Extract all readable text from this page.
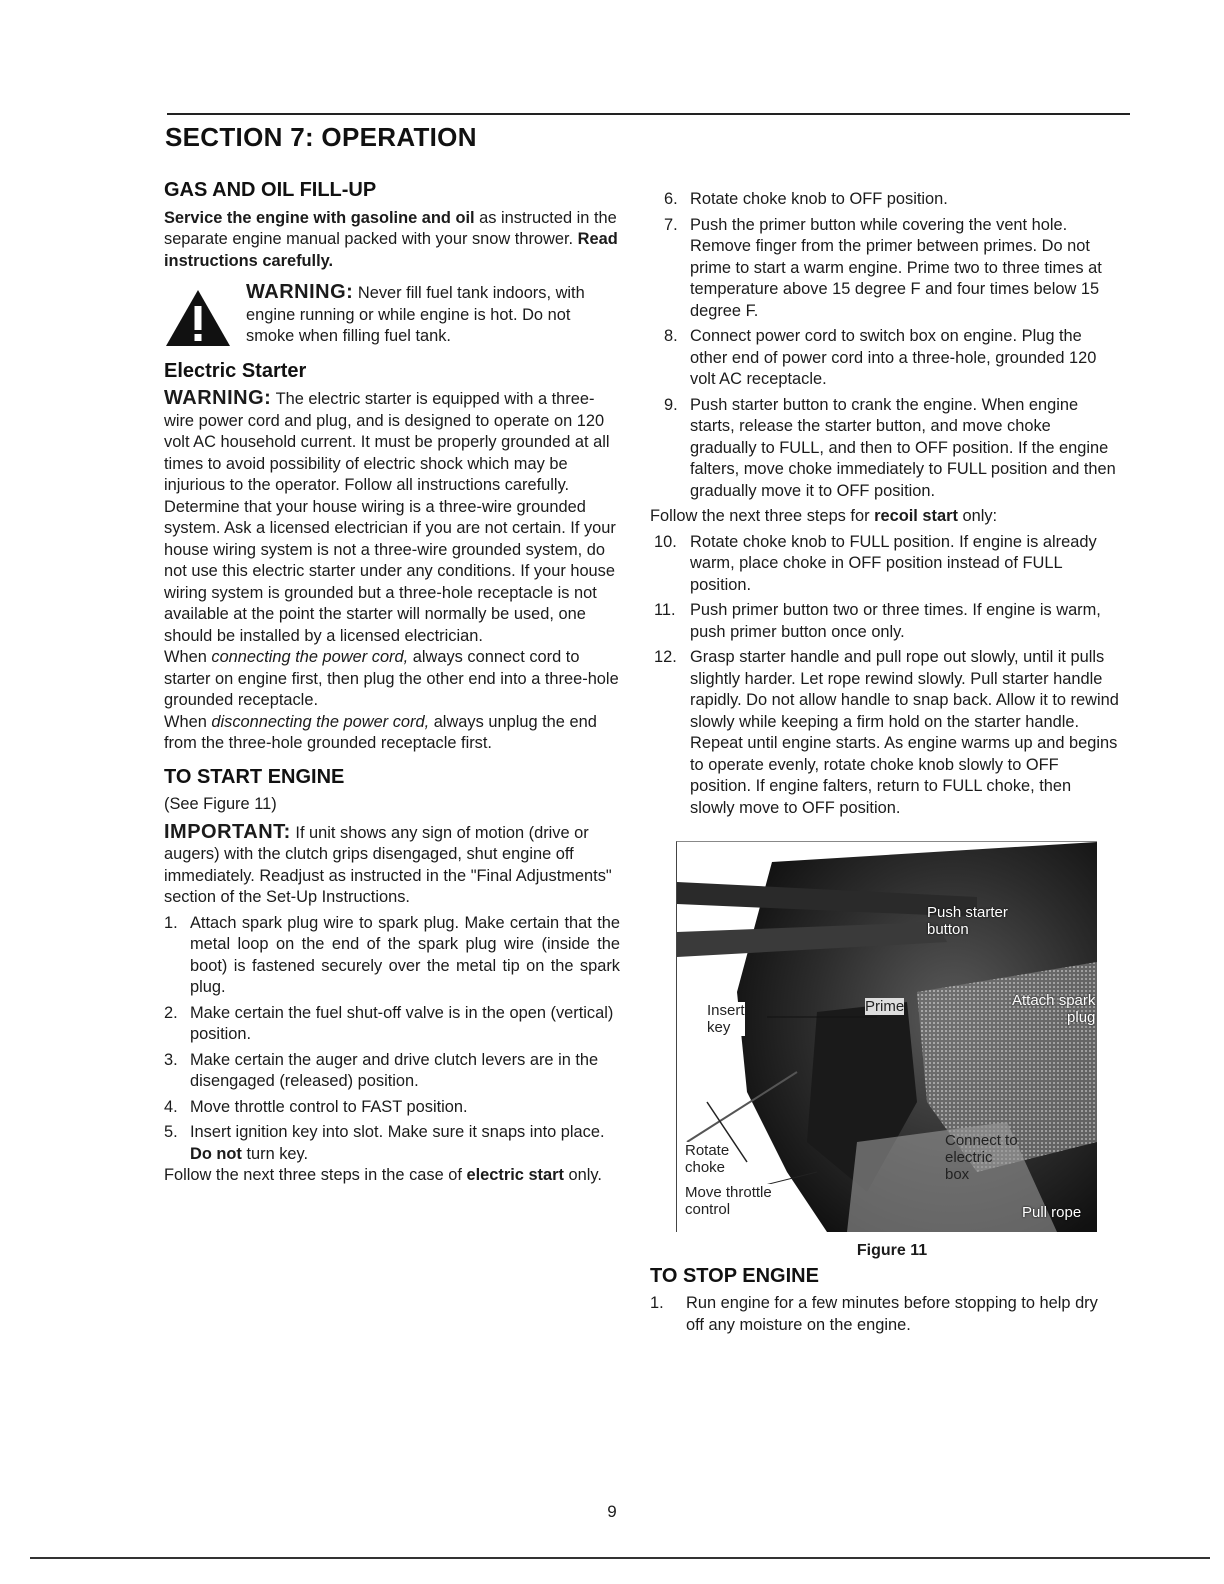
SECTION 7: OPERATION
GAS AND OIL FILL-UP

Service the engine with gasoline and oil as instructed in the separate engine manual packed with your snow thrower. Read instructions carefully.

WARNING: Never fill fuel tank indoors, with engine running or while engine is hot. Do not smoke when filling fuel tank.
Electric Starter

WARNING: The electric starter is equipped with a three-wire power cord and plug, and is designed to operate on 120 volt AC household current. It must be properly grounded at all times to avoid possibility of electric shock which may be injurious to the operator. Follow all instructions carefully. Determine that your house wiring is a three-wire grounded system. Ask a licensed electrician if you are not certain. If your house wiring system is not a three-wire grounded system, do not use this electric starter under any conditions. If your house wiring system is grounded but a three-hole receptacle is not available at the point the starter will normally be used, one should be installed by a licensed electrician.

When connecting the power cord, always connect cord to starter on engine first, then plug the other end into a three-hole grounded receptacle.

When disconnecting the power cord, always unplug the end from the three-hole grounded receptacle first.

TO START ENGINE

(See Figure 11)

IMPORTANT: If unit shows any sign of motion (drive or augers) with the clutch grips disengaged, shut engine off immediately. Readjust as instructed in the "Final Adjustments" section of the Set-Up Instructions.

1. Attach spark plug wire to spark plug. Make certain that the metal loop on the end of the spark plug wire (inside the boot) is fastened securely over the metal tip on the spark plug.
2. Make certain the fuel shut-off valve is in the open (vertical) position.
3. Make certain the auger and drive clutch levers are in the disengaged (released) position.
4. Move throttle control to FAST position.
5. Insert ignition key into slot. Make sure it snaps into place. Do not turn key.

Follow the next three steps in the case of electric start only.

6. Rotate choke knob to OFF position.
7. Push the primer button while covering the vent hole. Remove finger from the primer between primes. Do not prime to start a warm engine. Prime two to three times at temperature above 15 degree F and four times below 15 degree F.
8. Connect power cord to switch box on engine. Plug the other end of power cord into a three-hole, grounded 120 volt AC receptacle.
9. Push starter button to crank the engine. When engine starts, release the starter button, and move choke gradually to FULL, and then to OFF position. If the engine falters, move choke immediately to FULL position and then gradually move it to OFF position.

Follow the next three steps for recoil start only:

10. Rotate choke knob to FULL position. If engine is already warm, place choke in OFF position instead of FULL position.
11. Push primer button two or three times. If engine is warm, push primer button once only.
12. Grasp starter handle and pull rope out slowly, until it pulls slightly harder. Let rope rewind slowly. Pull starter handle rapidly. Do not allow handle to snap back. Allow it to rewind slowly while keeping a firm hold on the starter handle. Repeat until engine starts. As engine warms up and begins to operate evenly, rotate choke knob slowly to OFF position. If engine falters, return to FULL choke, then slowly move to OFF position.
Push starter
button
Insert
key
Prime	Attach spark
plug
Rotate
choke
Connect to
electric
box
Move throttle
control	Pull rope
Figure 11
TO STOP ENGINE
1.	Run engine for a few minutes before stopping to help dry off any moisture on the engine.
9
